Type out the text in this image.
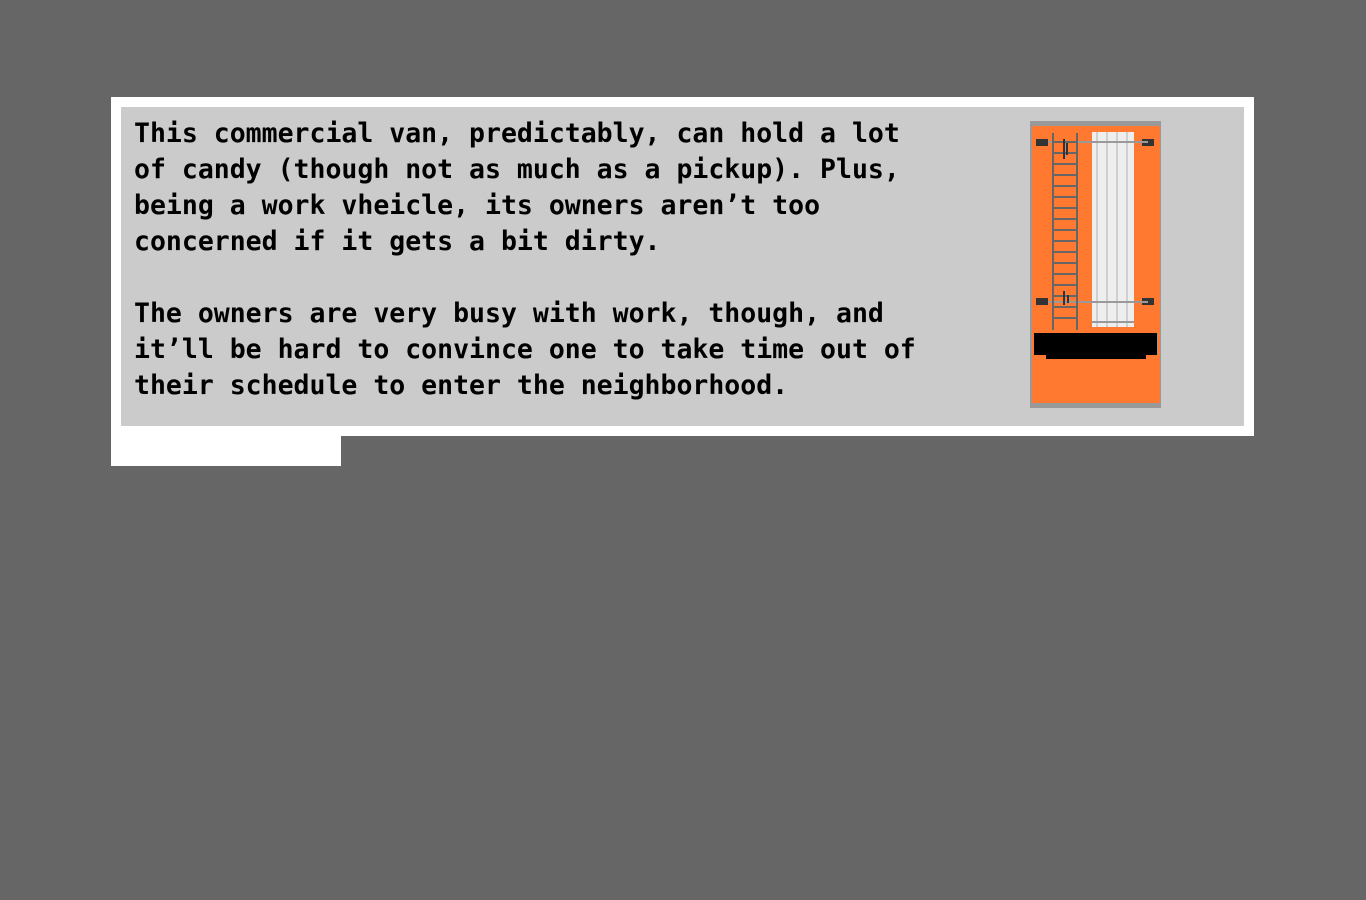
This commercial van, predictably, can hold a lot of candy (though not as much as a pickup). Plus, being a work vheicle, its owners aren’t too concerned if it gets a bit dirty.

The owners are very busy with work, though, and it’ll be hard to convince one to take time out of their schedule to enter the neighborhood.
